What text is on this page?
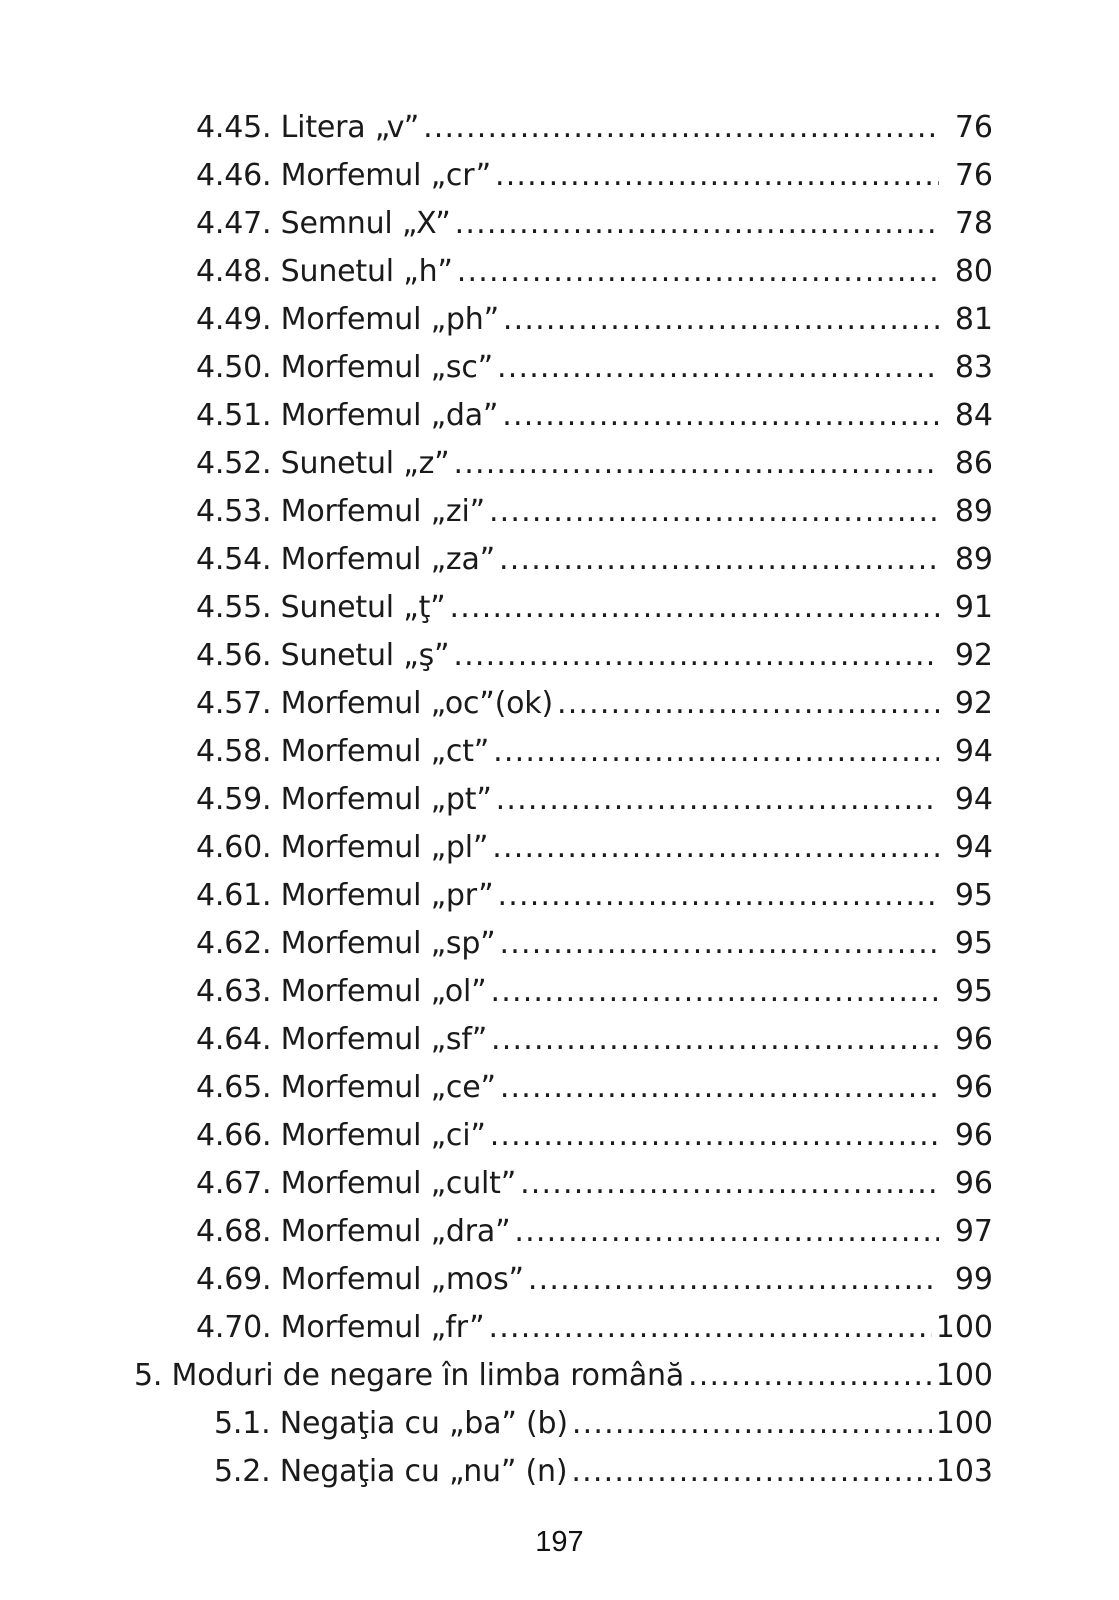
4.45. Litera „v” .....	76
4.46. Morfemul „cr” .....	76
4.47. Semnul „X” .....	78
4.48. Sunetul „h” .....	80
4.49. Morfemul „ph” .....	81
4.50. Morfemul „sc” .....	83
4.51. Morfemul „da” .....	84
4.52. Sunetul „z” .....	86
4.53. Morfemul „zi” .....	89
4.54. Morfemul „za” .....	89
4.55. Sunetul „ţ” .....	91
4.56. Sunetul „ş” .....	92
4.57. Morfemul „oc”(ok) .....	92
4.58. Morfemul „ct” .....	94
4.59. Morfemul „pt” .....	94
4.60. Morfemul „pl” .....	94
4.61. Morfemul „pr” .....	95
4.62. Morfemul „sp” .....	95
4.63. Morfemul „ol” .....	95
4.64. Morfemul „sf” .....	96
4.65. Morfemul „ce” .....	96
4.66. Morfemul „ci” .....	96
4.67. Morfemul „cult” .....	96
4.68. Morfemul „dra” .....	97
4.69. Morfemul „mos” .....	99
4.70. Morfemul „fr” .....	100
5. Moduri de negare în limba română .....	100
5.1. Negaţia cu „ba” (b) .....	100
5.2. Negaţia cu „nu” (n) .....	103
197
